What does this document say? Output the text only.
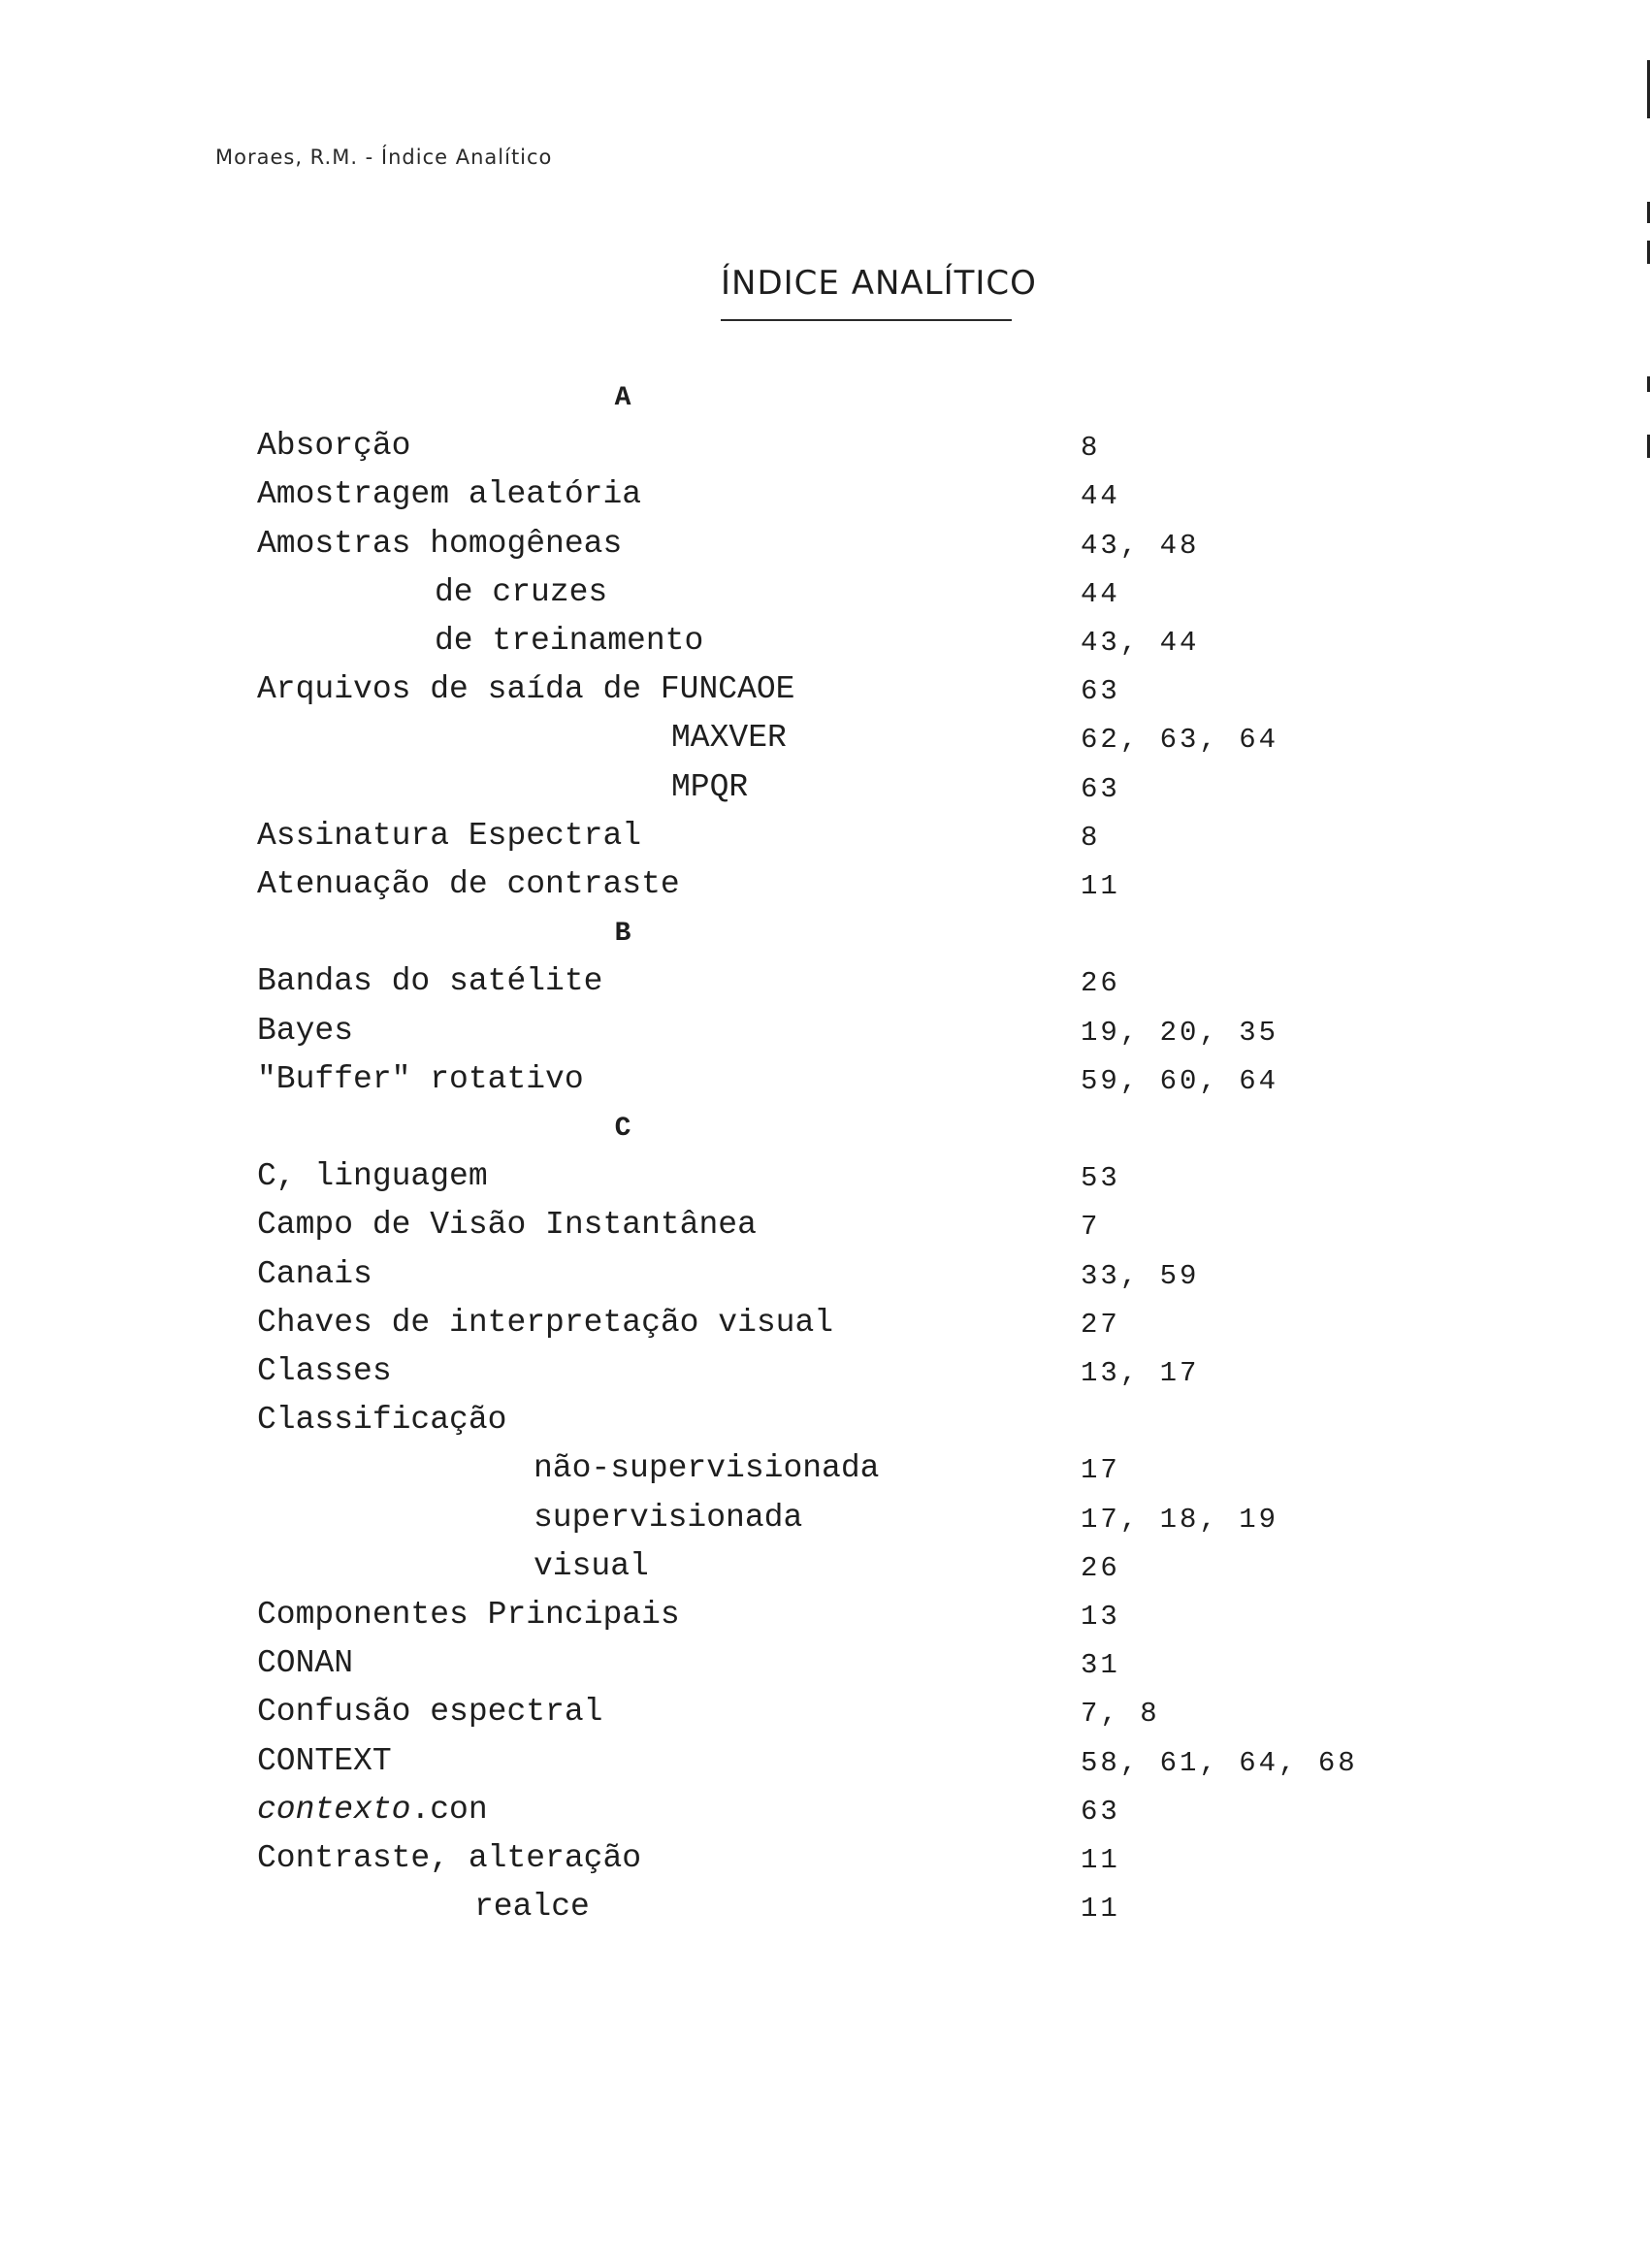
Moraes, R.M. - Índice Analítico
ÍNDICE ANALÍTICO
A
Absorção	8
Amostragem aleatória	44
Amostras homogêneas	43, 48
de cruzes	44
de treinamento	43, 44
Arquivos de saída de FUNCAOE	63
MAXVER	62, 63, 64
MPQR	63
Assinatura Espectral	8
Atenuação de contraste	11
B
Bandas do satélite	26
Bayes	19, 20, 35
"Buffer" rotativo	59, 60, 64
C
C, linguagem	53
Campo de Visão Instantânea	7
Canais	33, 59
Chaves de interpretação visual	27
Classes	13, 17
Classificação
não-supervisionada	17
supervisionada	17, 18, 19
visual	26
Componentes Principais	13
CONAN	31
Confusão espectral	7, 8
CONTEXT	58, 61, 64, 68
contexto.con	63
Contraste, alteração	11
realce	11
